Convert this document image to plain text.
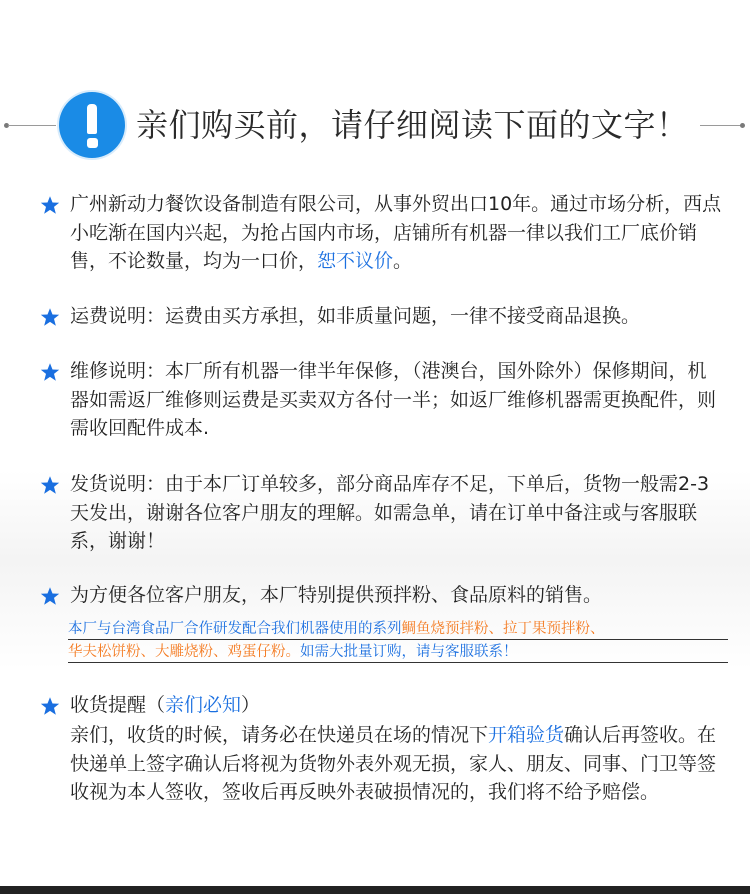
亲们购买前，请仔细阅读下面的文字！
广州新动力餐饮设备制造有限公司，从事外贸出口10年。通过市场分析，西点小吃渐在国内兴起，为抢占国内市场，店铺所有机器一律以我们工厂底价销售，不论数量，均为一口价，恕不议价。
运费说明：运费由买方承担，如非质量问题，一律不接受商品退换。
维修说明：本厂所有机器一律半年保修，（港澳台，国外除外）保修期间，机器如需返厂维修则运费是买卖双方各付一半；如返厂维修机器需更换配件，则需收回配件成本.
发货说明：由于本厂订单较多，部分商品库存不足，下单后，货物一般需2-3天发出，谢谢各位客户朋友的理解。如需急单，请在订单中备注或与客服联系，谢谢！
为方便各位客户朋友，本厂特别提供预拌粉、食品原料的销售。
本厂与台湾食品厂合作研发配合我们机器使用的系列鲷鱼烧预拌粉、拉丁果预拌粉、
华夫松饼粉、大雕烧粉、鸡蛋仔粉。如需大批量订购，请与客服联系！
收货提醒（亲们必知）
亲们，收货的时候，请务必在快递员在场的情况下开箱验货确认后再签收。在快递单上签字确认后将视为货物外表外观无损，家人、朋友、同事、门卫等签收视为本人签收，签收后再反映外表破损情况的，我们将不给予赔偿。
